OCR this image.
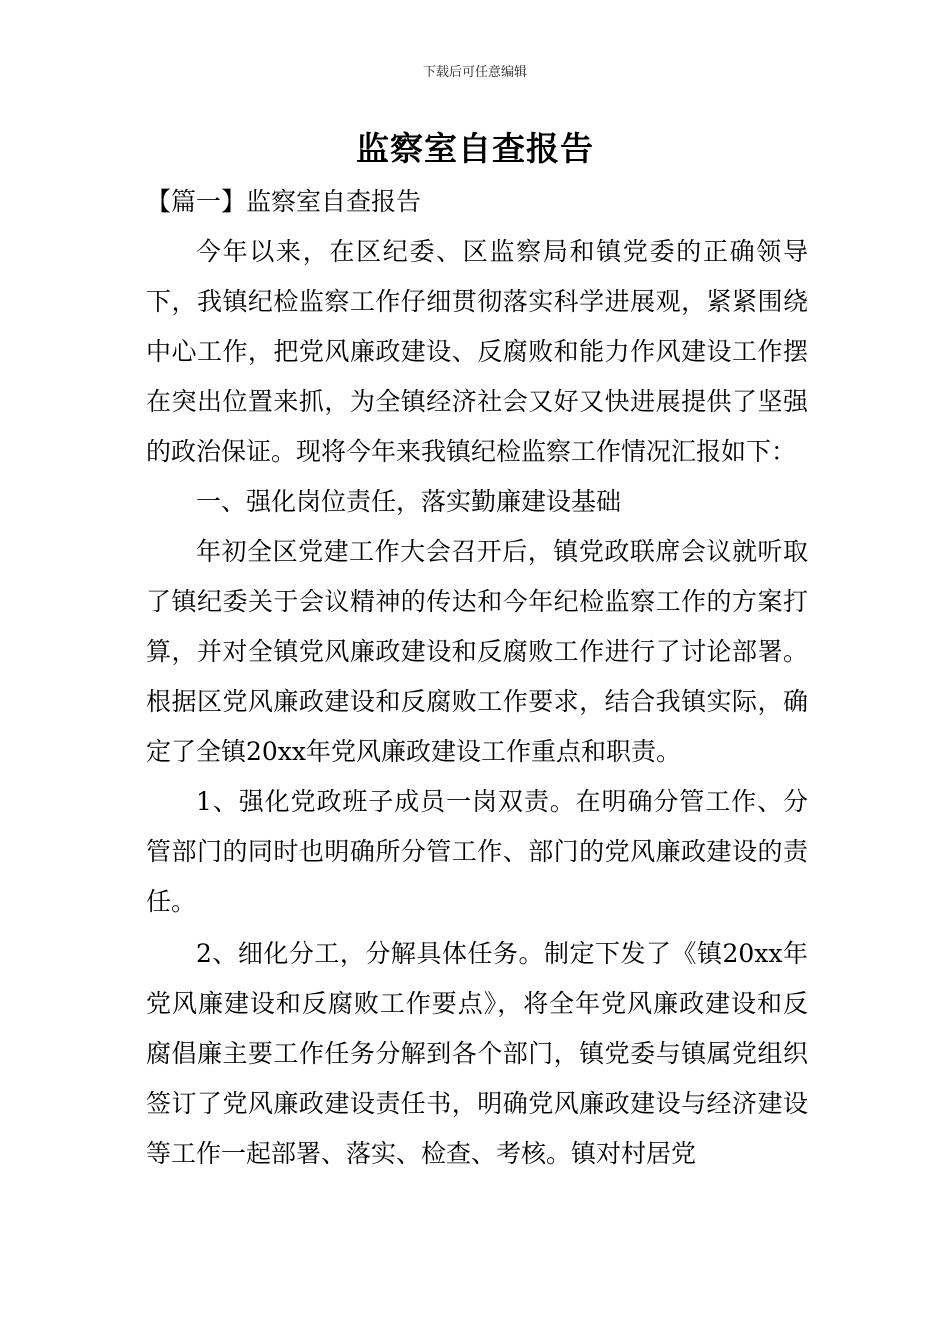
下载后可任意编辑
监察室自查报告

【篇一】监察室自查报告

今年以来，在区纪委、区监察局和镇党委的正确领导下，我镇纪检监察工作仔细贯彻落实科学进展观，紧紧围绕中心工作，把党风廉政建设、反腐败和能力作风建设工作摆在突出位置来抓，为全镇经济社会又好又快进展提供了坚强的政治保证。现将今年来我镇纪检监察工作情况汇报如下：

一、强化岗位责任，落实勤廉建设基础

年初全区党建工作大会召开后，镇党政联席会议就听取了镇纪委关于会议精神的传达和今年纪检监察工作的方案打算，并对全镇党风廉政建设和反腐败工作进行了讨论部署。根据区党风廉政建设和反腐败工作要求，结合我镇实际，确定了全镇20xx年党风廉政建设工作重点和职责。

1、强化党政班子成员一岗双责。在明确分管工作、分管部门的同时也明确所分管工作、部门的党风廉政建设的责任。

2、细化分工，分解具体任务。制定下发了《镇20xx年党风廉建设和反腐败工作要点》，将全年党风廉政建设和反腐倡廉主要工作任务分解到各个部门，镇党委与镇属党组织签订了党风廉政建设责任书，明确党风廉政建设与经济建设等工作一起部署、落实、检查、考核。镇对村居党
